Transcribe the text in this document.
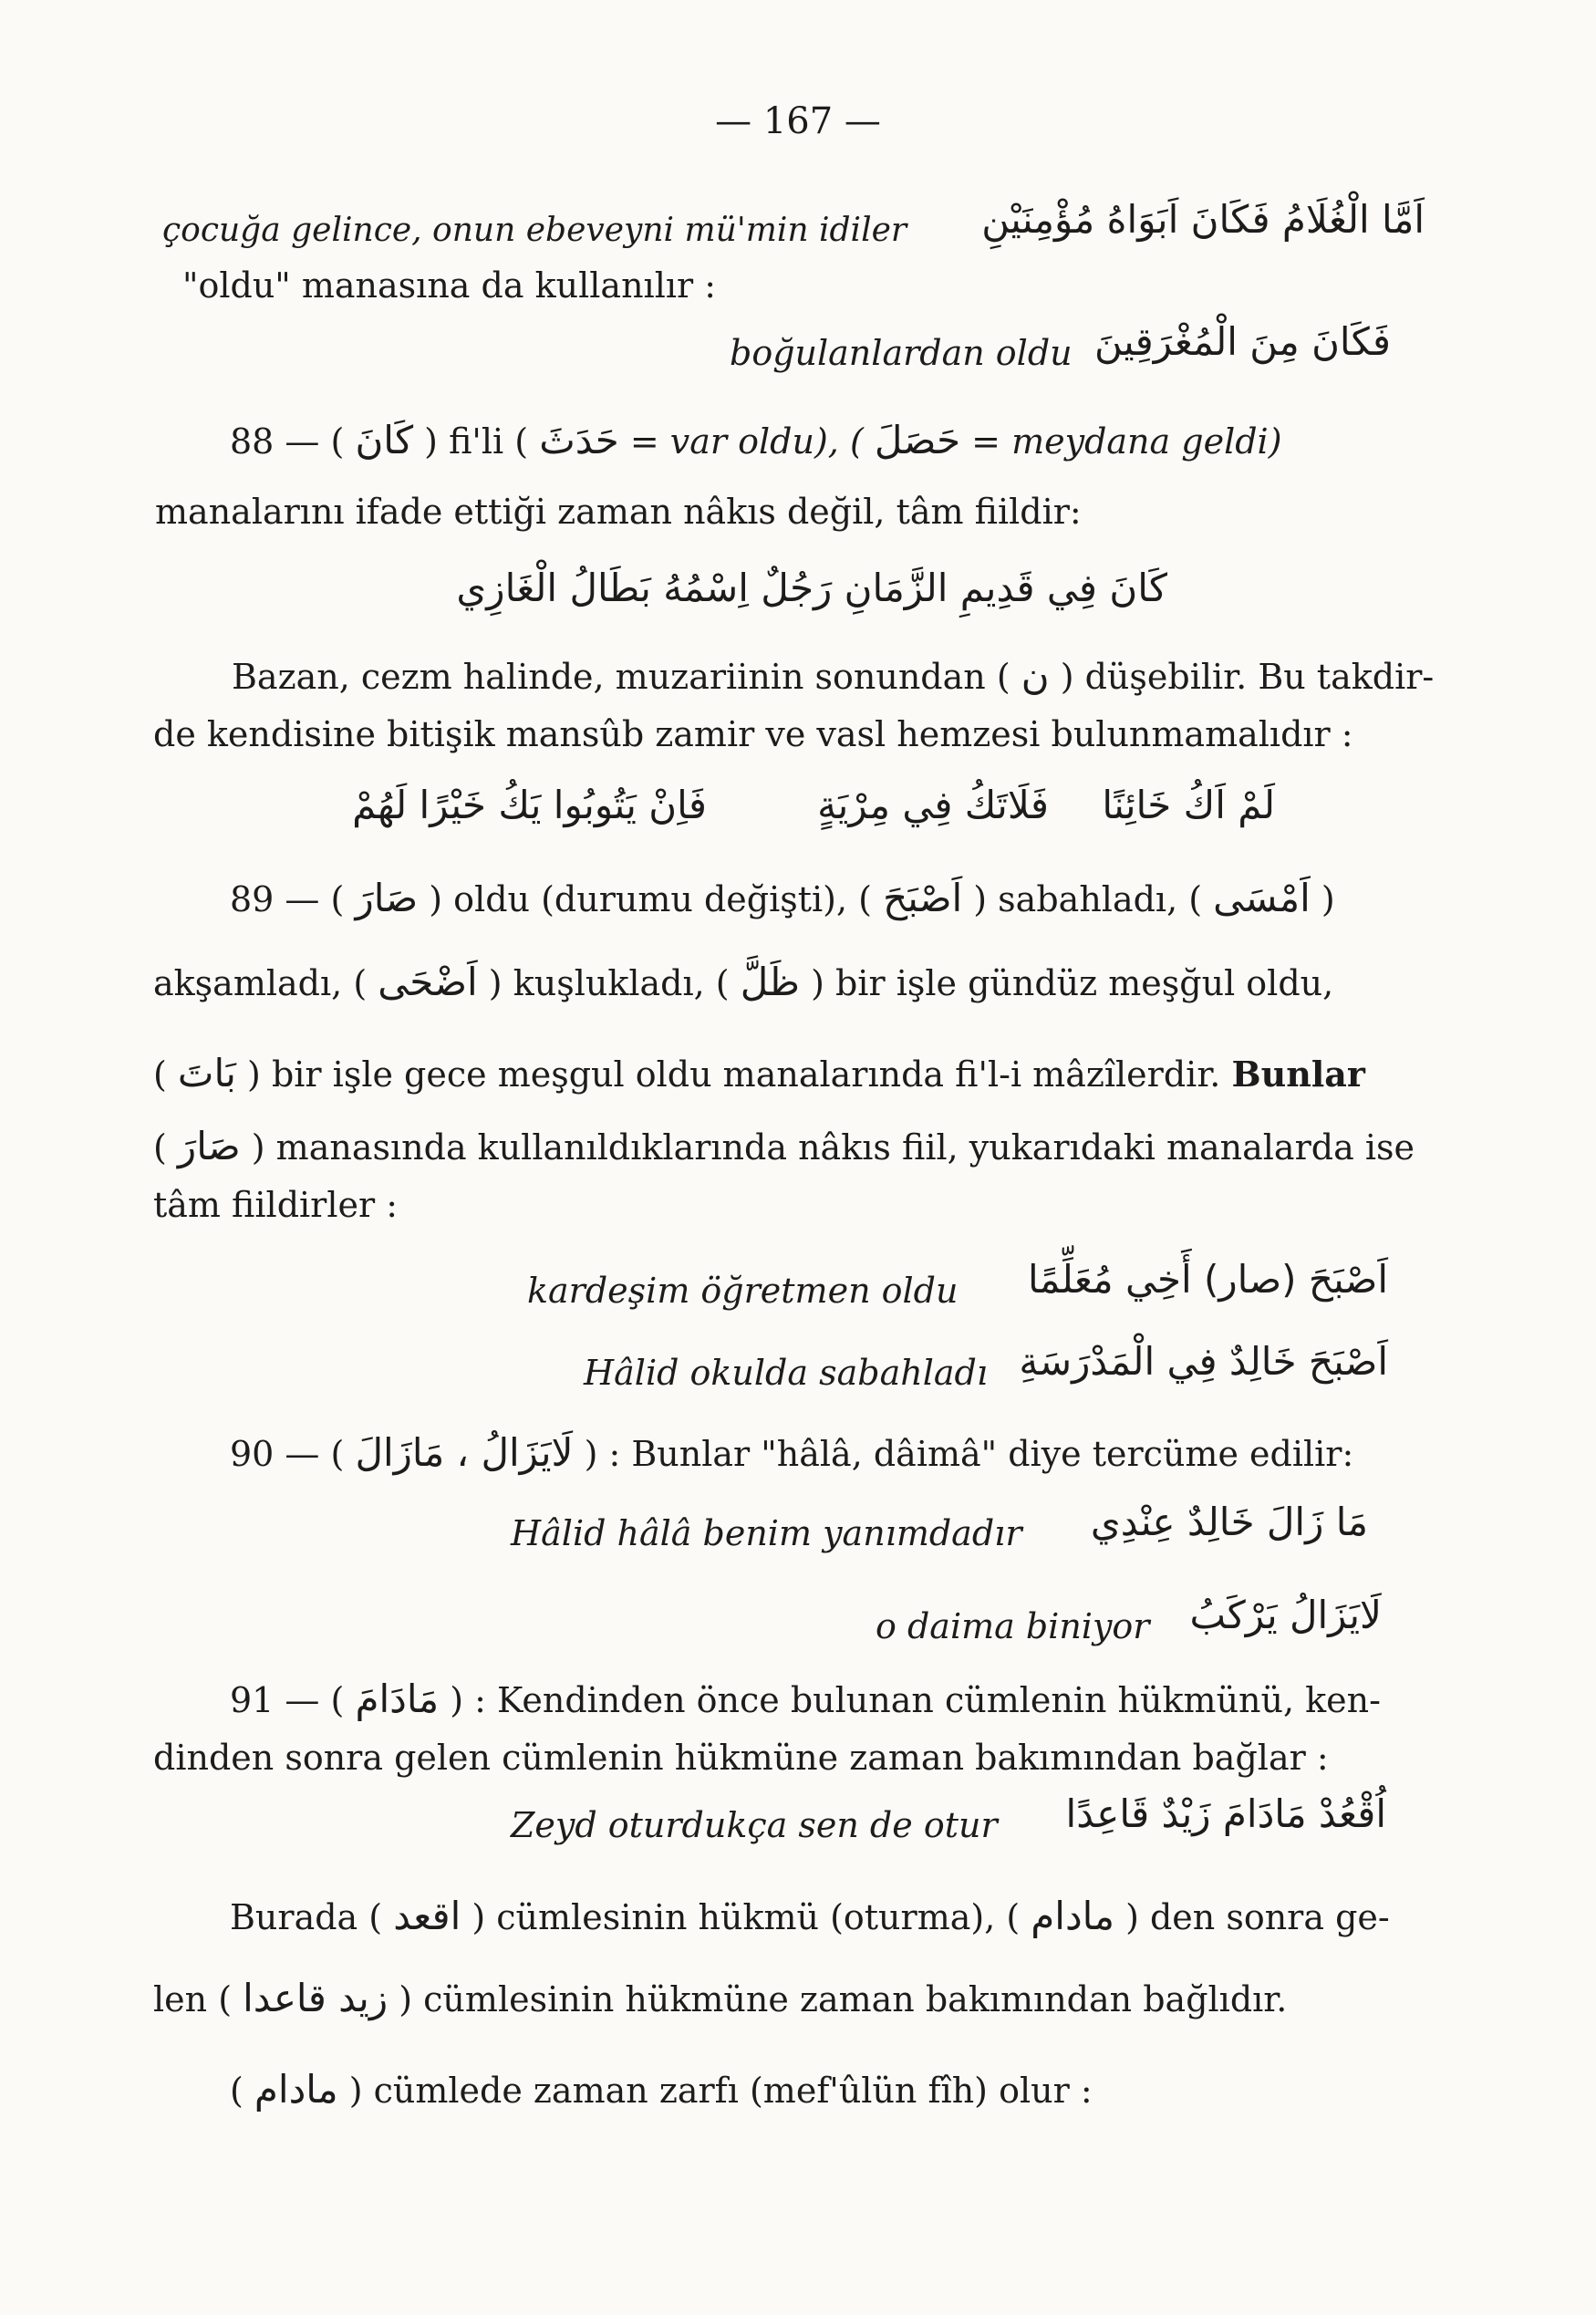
— 167 —
çocuğa gelince, onun ebeveyni mü'min idiler اَمَّا الْغُلَامُ فَكَانَ اَبَوَاهُ مُؤْمِنَيْنِ
"oldu" manasına da kullanılır :
boğulanlardan oldu فَكَانَ مِنَ الْمُغْرَقِينَ
88 — ( كَانَ ) fi'li ( حَدَثَ = var oldu), ( حَصَلَ = meydana geldi)
manalarını ifade ettiği zaman nâkıs değil, tâm fiildir:
كَانَ فِي قَدِيمِ الزَّمَانِ رَجُلٌ اِسْمُهُ بَطَالُ الْغَازِي
Bazan, cezm halinde, muzariinin sonundan ( ن ) düşebilir. Bu takdir-
de kendisine bitişik mansûb zamir ve vasl hemzesi bulunmamalıdır :
لَمْ اَكُ خَائِنًا
فَلَاتَكُ فِي مِرْيَةٍ
فَاِنْ يَتُوبُوا يَكُ خَيْرًا لَهُمْ
89 — ( صَارَ ) oldu (durumu değişti), ( اَصْبَحَ ) sabahladı, ( اَمْسَى )
akşamladı, ( اَضْحَى ) kuşlukladı, ( ظَلَّ ) bir işle gündüz meşğul oldu,
( بَاتَ ) bir işle gece meşgul oldu manalarında fi'l-i mâzîlerdir. Bunlar
( صَارَ ) manasında kullanıldıklarında nâkıs fiil, yukarıdaki manalarda ise
tâm fiildirler :
kardeşim öğretmen oldu اَصْبَحَ (صار) أَخِي مُعَلِّمًا
Hâlid okulda sabahladı اَصْبَحَ خَالِدٌ فِي الْمَدْرَسَةِ
90 — ( لَايَزَالُ ، مَازَالَ ) : Bunlar "hâlâ, dâimâ" diye tercüme edilir:
Hâlid hâlâ benim yanımdadır مَا زَالَ خَالِدٌ عِنْدِي
o daima biniyor لَايَزَالُ يَرْكَبُ
91 — ( مَادَامَ ) : Kendinden önce bulunan cümlenin hükmünü, ken-
dinden sonra gelen cümlenin hükmüne zaman bakımından bağlar :
Zeyd oturdukça sen de otur اُقْعُدْ مَادَامَ زَيْدٌ قَاعِدًا
Burada ( اقعد ) cümlesinin hükmü (oturma), ( مادام ) den sonra ge-
len ( زيد قاعدا ) cümlesinin hükmüne zaman bakımından bağlıdır.
( مادام ) cümlede zaman zarfı (mef'ûlün fîh) olur :
